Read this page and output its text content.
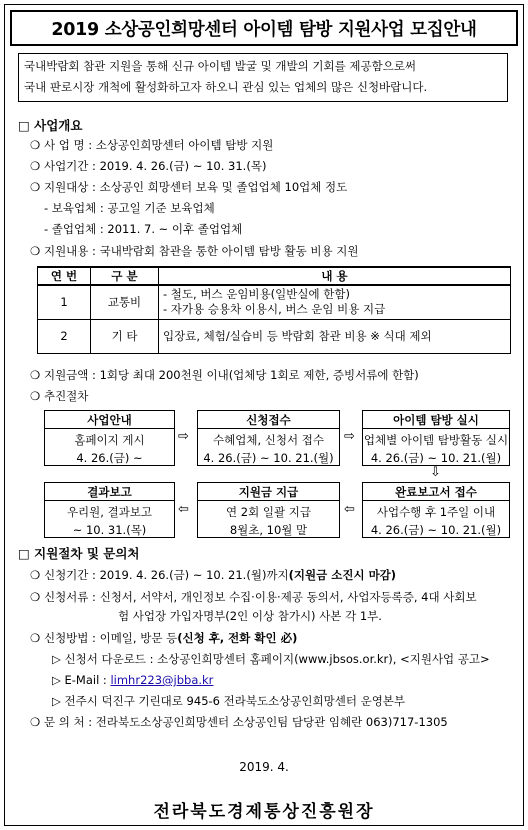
2019 소상공인희망센터 아이템 탐방 지원사업 모집안내
국내박람회 참관 지원을 통해 신규 아이템 발굴 및 개발의 기회를 제공함으로써
국내 판로시장 개척에 활성화하고자 하오니 관심 있는 업체의 많은 신청바랍니다.
□ 사업개요
❍ 사 업 명 : 소상공인희망센터 아이템 탐방 지원
❍ 사업기간 : 2019. 4. 26.(금) ~ 10. 31.(목)
❍ 지원대상 : 소상공인 희망센터 보육 및 졸업업체 10업체 정도
- 보육업체 : 공고일 기준 보육업체
- 졸업업체 : 2011. 7. ~ 이후 졸업업체
❍ 지원내용 : 국내박람회 참관을 통한 아이템 탐방 활동 비용 지원
연 번	구 분	내 용
1	교통비	- 철도, 버스 운임비용(일반실에 한함)
- 자가용 승용차 이용시, 버스 운임 비용 지급

2	기 타	입장료, 체험/실습비 등 박람회 참관 비용 ※ 식대 제외
❍ 지원금액 : 1회당 최대 200천원 이내(업체당 1회로 제한, 증빙서류에 한함)
❍ 추진절차
사업안내
홈페이지 게시
4. 26.(금) ~
⇨
신청접수
수혜업체, 신청서 접수
4. 26.(금) ~ 10. 21.(월)
⇨
아이템 탐방 실시
업체별 아이템 탐방활동 실시
4. 26.(금) ~ 10. 21.(월)
⇩
결과보고
우리원, 결과보고
~ 10. 31.(목)
⇦
지원금 지급
연 2회 일괄 지급
8월초, 10월 말
⇦
완료보고서 접수
사업수행 후 1주일 이내
4. 26.(금) ~ 10. 21.(월)
□ 지원절차 및 문의처
❍ 신청기간 : 2019. 4. 26.(금) ~ 10. 21.(월)까지(지원금 소진시 마감)
❍ 신청서류 : 신청서, 서약서, 개인정보 수집·이용·제공 동의서, 사업자등록증, 4대 사회보
험 사업장 가입자명부(2인 이상 참가시) 사본 각 1부.
❍ 신청방법 : 이메일, 방문 등(신청 후, 전화 확인 必)
▷ 신청서 다운로드 : 소상공인희망센터 홈페이지(www.jbsos.or.kr), <지원사업 공고>
▷ E-Mail : limhr223@jbba.kr
▷ 전주시 덕진구 기린대로 945-6 전라북도소상공인희망센터 운영본부
❍ 문 의 처 : 전라북도소상공인희망센터 소상공인팀 담당관 임혜란 063)717-1305
2019. 4.
전라북도경제통상진흥원장
